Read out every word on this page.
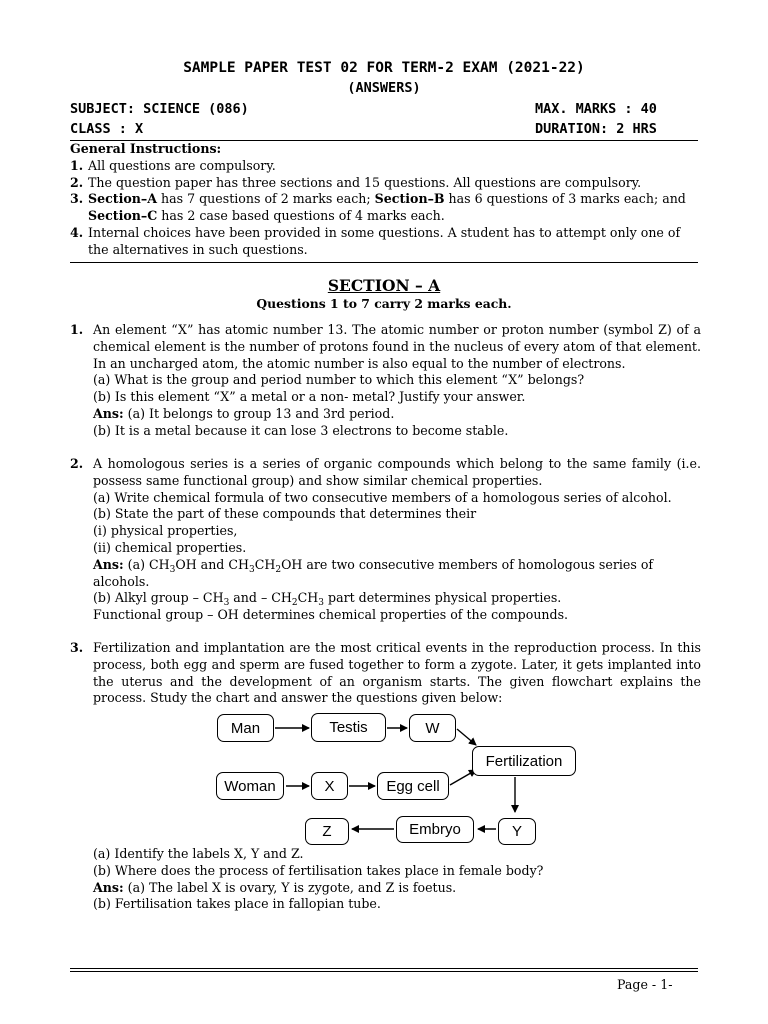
SAMPLE PAPER TEST 02 FOR TERM-2 EXAM (2021-22)
(ANSWERS)
SUBJECT: SCIENCE (086)	MAX. MARKS : 40
CLASS : X	DURATION: 2 HRS
General Instructions:
1. All questions are compulsory.
2. The question paper has three sections and 15 questions. All questions are compulsory.
3. Section–A has 7 questions of 2 marks each; Section–B has 6 questions of 3 marks each; and
Section–C has 2 case based questions of 4 marks each.
4. Internal choices have been provided in some questions. A student has to attempt only one of the alternatives in such questions.
SECTION – A
Questions 1 to 7 carry 2 marks each.
1. An element “X” has atomic number 13. The atomic number or proton number (symbol Z) of a chemical element is the number of protons found in the nucleus of every atom of that element. In an uncharged atom, the atomic number is also equal to the number of electrons.
(a) What is the group and period number to which this element “X” belongs?
(b) Is this element “X” a metal or a non- metal? Justify your answer.
Ans: (a) It belongs to group 13 and 3rd period.
(b) It is a metal because it can lose 3 electrons to become stable.
2. A homologous series is a series of organic compounds which belong to the same family (i.e. possess same functional group) and show similar chemical properties.
(a) Write chemical formula of two consecutive members of a homologous series of alcohol.
(b) State the part of these compounds that determines their
(i) physical properties,
(ii) chemical properties.
Ans: (a) $CH_3OH$ and $CH_3CH_2OH$ are two consecutive members of homologous series of alcohols.
(b) Alkyl group – $CH_3$ and – $CH_2CH_3$ part determines physical properties.
Functional group – OH determines chemical properties of the compounds.
3. Fertilization and implantation are the most critical events in the reproduction process. In this process, both egg and sperm are fused together to form a zygote. Later, it gets implanted into the uterus and the development of an organism starts. The given flowchart explains the process. Study the chart and answer the questions given below:
Man	Testis	W
Fertilization
Woman	X	Egg cell
Z	Embryo	Y
(a) Identify the labels X, Y and Z.
(b) Where does the process of fertilisation takes place in female body?
Ans: (a) The label X is ovary, Y is zygote, and Z is foetus.
(b) Fertilisation takes place in fallopian tube.
Page - 1-
